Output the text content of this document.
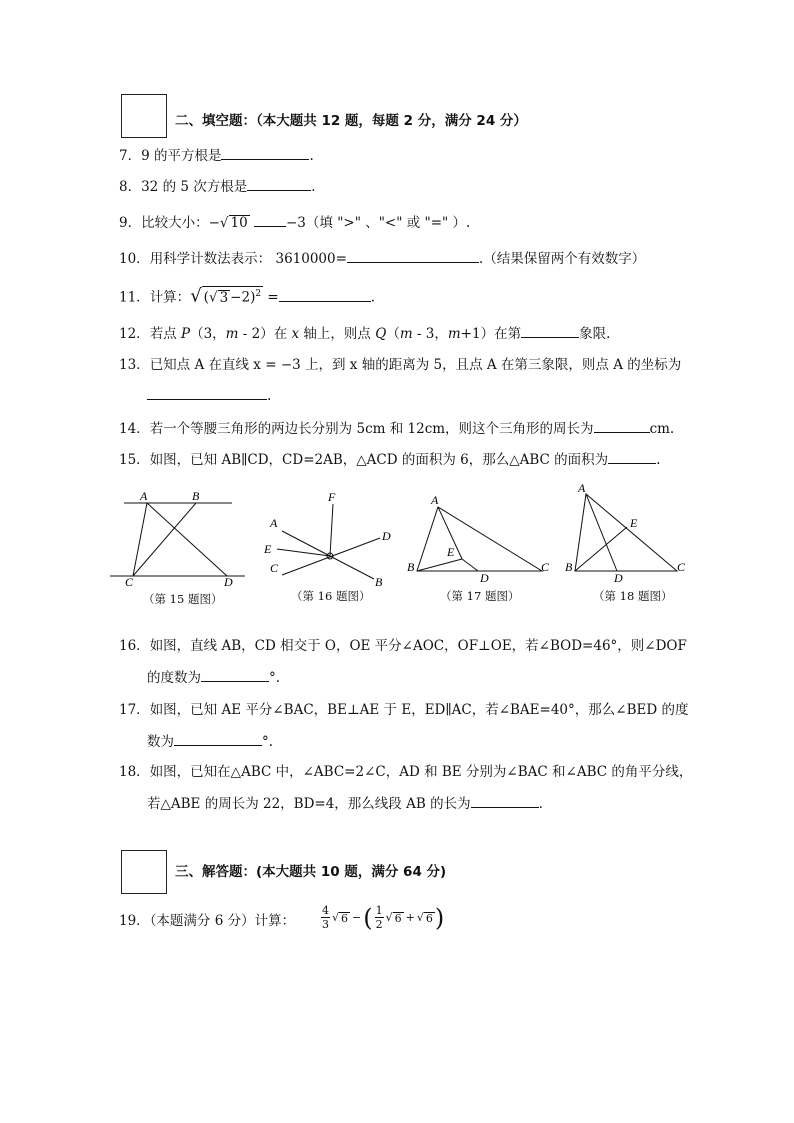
二、填空题：（本大题共 12 题，每题 2 分，满分 24 分）
7．9 的平方根是	.
8．32 的 5 次方根是	.
9．比较大小：−√ 10	−3（填 ">" 、"<" 或 "=" ）.
10．用科学计数法表示： 3610000=	.（结果保留两个有效数字）
11．计算：√ (√ 3 −2)$^2$ =	.
12．若点 P（3，m - 2）在 x 轴上，则点 Q（m - 3，m+1）在第	象限.
13．已知点 A 在直线 x = −3 上，到 x 轴的距离为 5，且点 A 在第三象限，则点 A 的坐标为
.
14．若一个等腰三角形的两边长分别为 5cm 和 12cm，则这个三角形的周长为	cm.
15．如图，已知 AB∥CD，CD=2AB，△ACD 的面积为 6，那么△ABC 的面积为	.
A	B
C	D
A
B
C
D
E
F	A
B	C
D
E
A
B	C
D
E
（第 15 题图）	（第 16 题图）	（第 17 题图）	（第 18 题图）
16．如图，直线 AB，CD 相交于 O，OE 平分∠AOC，OF⊥OE，若∠BOD=46°，则∠DOF
的度数为	°.
17．如图，已知 AE 平分∠BAC，BE⊥AE 于 E，ED∥AC，若∠BAE=40°，那么∠BED 的度
数为	°.
18．如图，已知在△ABC 中，∠ABC=2∠C，AD 和 BE 分别为∠BAC 和∠ABC 的角平分线，
若△ABE 的周长为 22，BD=4，那么线段 AB 的长为	.
三、解答题：(本大题共 10 题，满分 64 分)
19．（本题满分 6 分）计算：
4
3
√ 6 − ( 1
2
√ 6 + √ 6 )
